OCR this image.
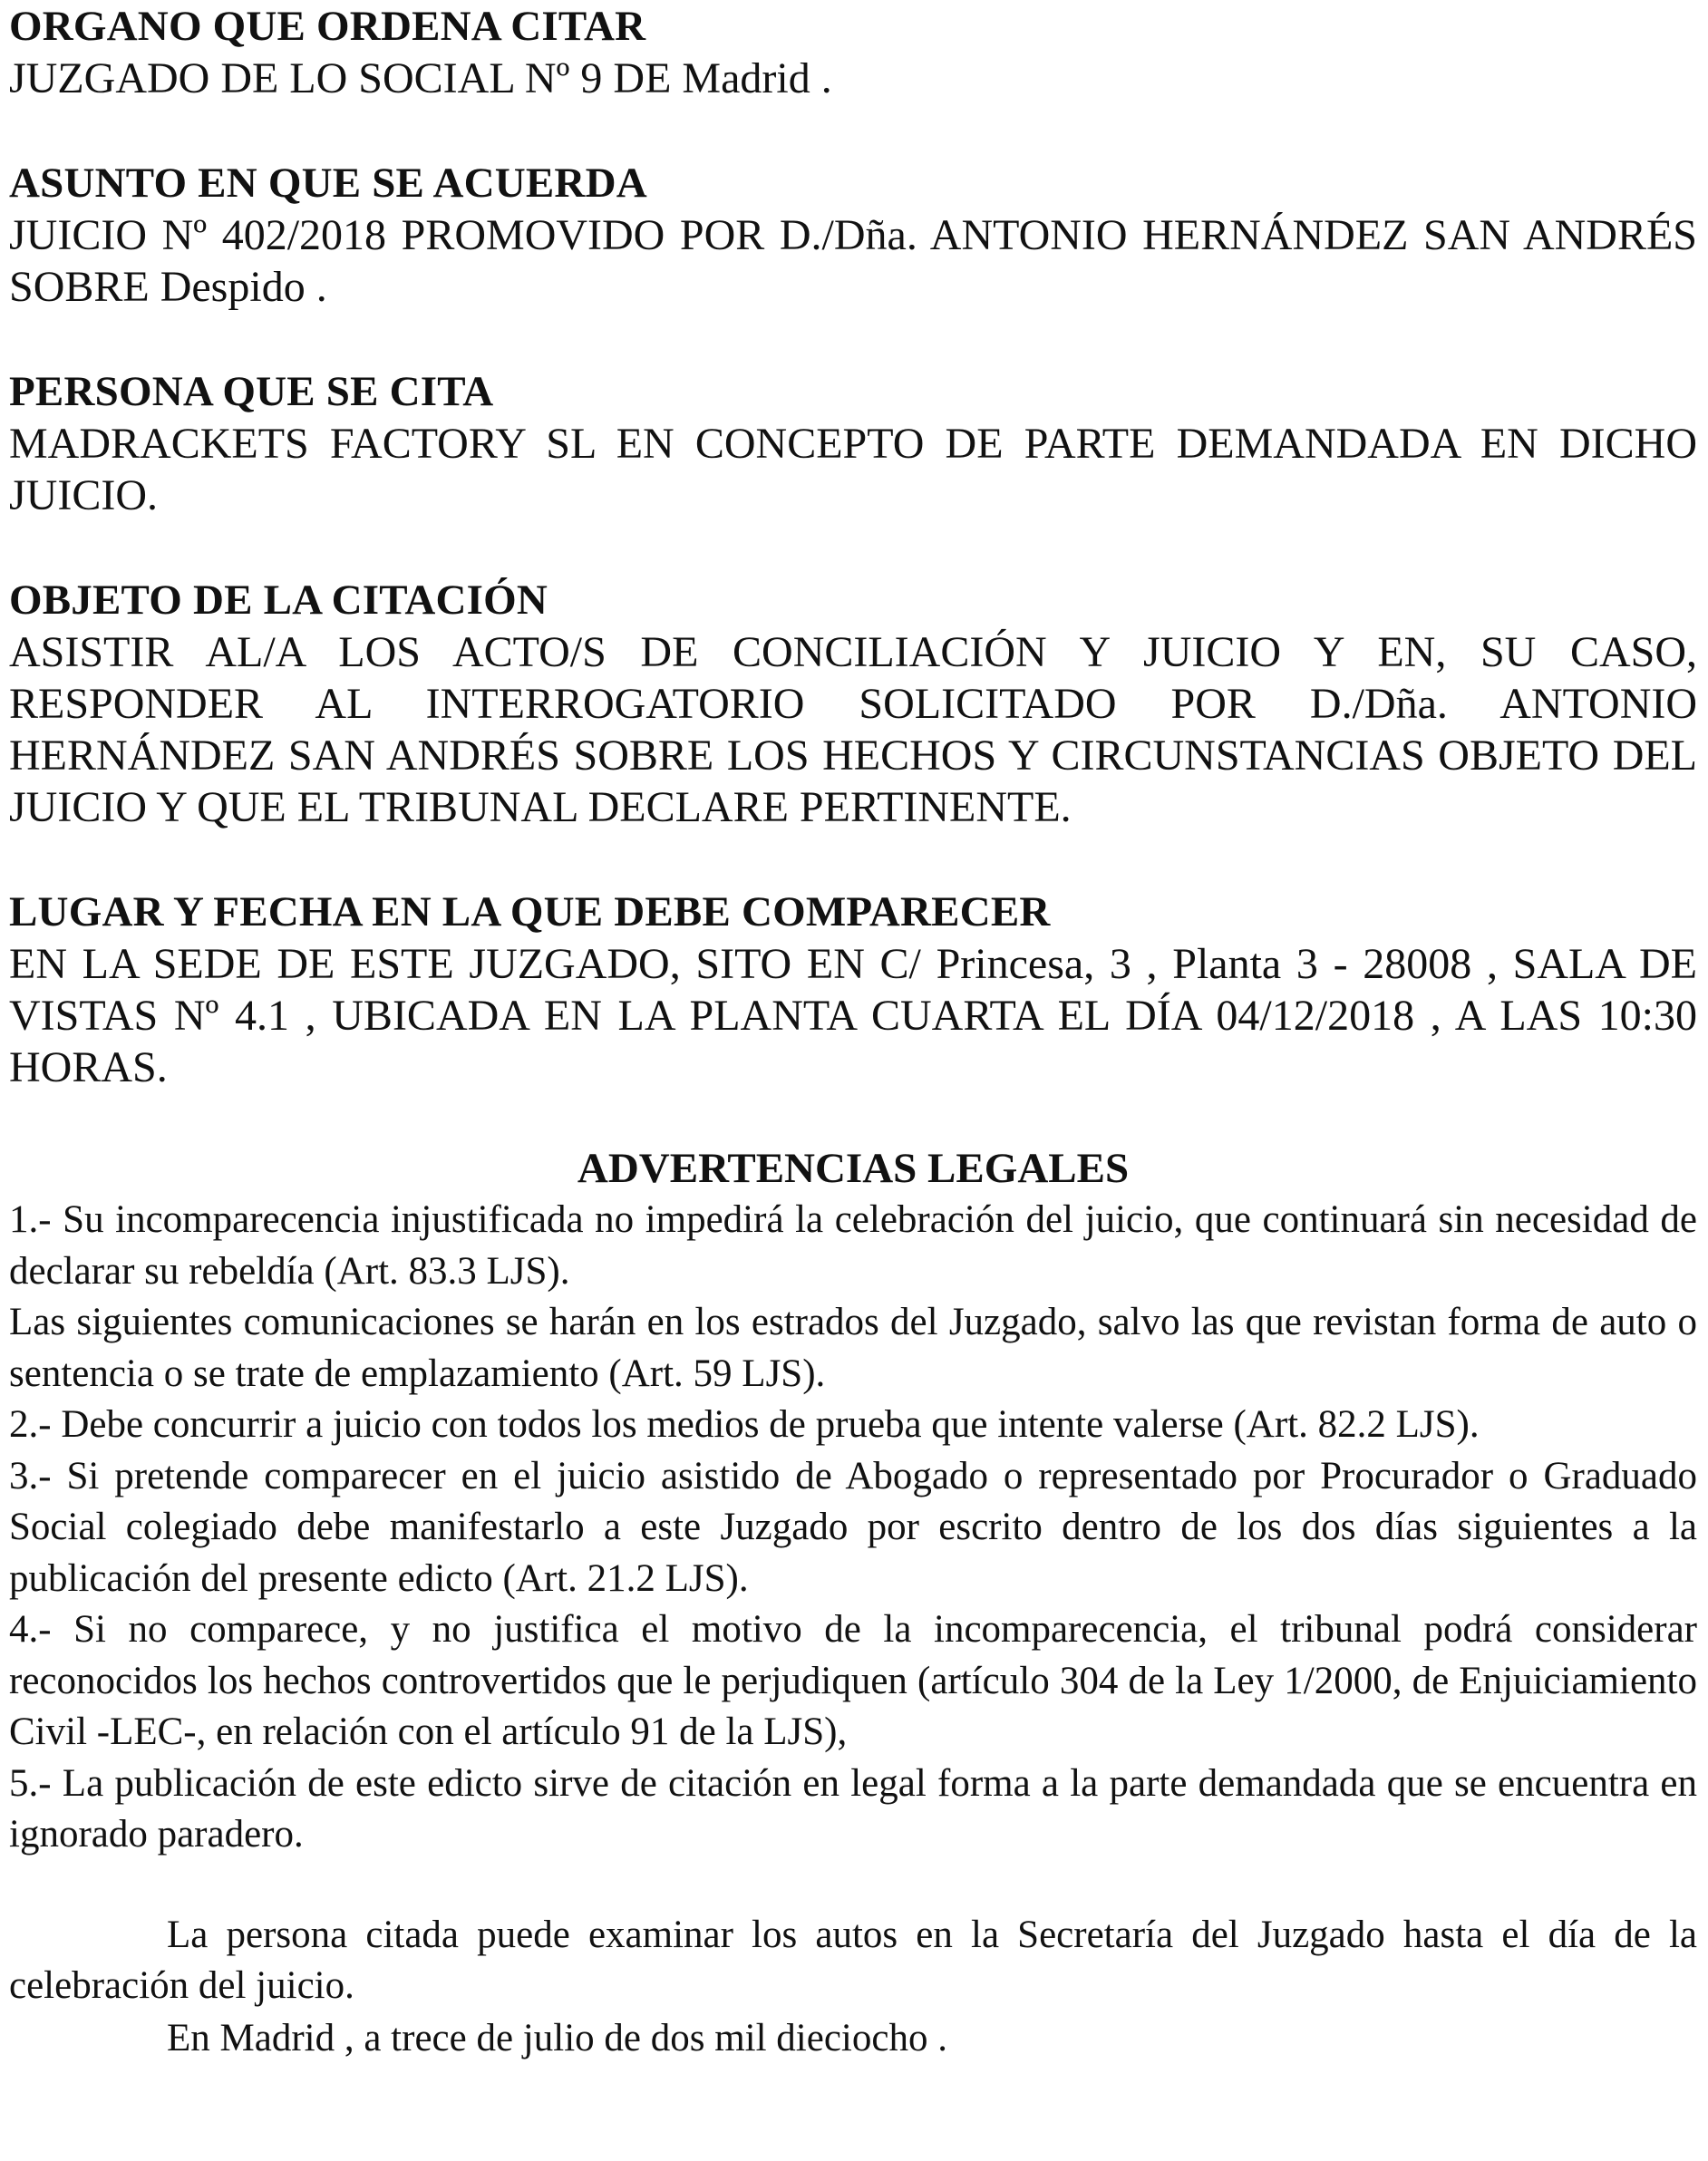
ORGANO QUE ORDENA CITAR

JUZGADO DE LO SOCIAL Nº 9 DE Madrid .

ASUNTO EN QUE SE ACUERDA

JUICIO Nº 402/2018 PROMOVIDO POR D./Dña. ANTONIO HERNÁNDEZ SAN ANDRÉS SOBRE Despido .

PERSONA QUE SE CITA

MADRACKETS FACTORY SL EN CONCEPTO DE PARTE DEMANDADA EN DICHO JUICIO.

OBJETO DE LA CITACIÓN

ASISTIR AL/A LOS ACTO/S DE CONCILIACIÓN Y JUICIO Y EN, SU CASO, RESPONDER AL INTERROGATORIO SOLICITADO POR D./Dña. ANTONIO HERNÁNDEZ SAN ANDRÉS SOBRE LOS HECHOS Y CIRCUNSTANCIAS OBJETO DEL JUICIO Y QUE EL TRIBUNAL DECLARE PERTINENTE.

LUGAR Y FECHA EN LA QUE DEBE COMPARECER

EN LA SEDE DE ESTE JUZGADO, SITO EN C/ Princesa, 3 , Planta 3 - 28008 , SALA DE VISTAS Nº 4.1 , UBICADA EN LA PLANTA CUARTA EL DÍA 04/12/2018 , A LAS 10:30 HORAS.

ADVERTENCIAS LEGALES

1.- Su incomparecencia injustificada no impedirá la celebración del juicio, que continuará sin necesidad de declarar su rebeldía (Art. 83.3 LJS).

Las siguientes comunicaciones se harán en los estrados del Juzgado, salvo las que revistan forma de auto o sentencia o se trate de emplazamiento (Art. 59 LJS).

2.- Debe concurrir a juicio con todos los medios de prueba que intente valerse (Art. 82.2 LJS).

3.- Si pretende comparecer en el juicio asistido de Abogado o representado por Procurador o Graduado Social colegiado debe manifestarlo a este Juzgado por escrito dentro de los dos días siguientes a la publicación del presente edicto (Art. 21.2 LJS).

4.- Si no comparece, y no justifica el motivo de la incomparecencia, el tribunal podrá considerar reconocidos los hechos controvertidos que le perjudiquen (artículo 304 de la Ley 1/2000, de Enjuiciamiento Civil -LEC-, en relación con el artículo 91 de la LJS),

5.- La publicación de este edicto sirve de citación en legal forma a la parte demandada que se encuentra en ignorado paradero.

La persona citada puede examinar los autos en la Secretaría del Juzgado hasta el día de la celebración del juicio.

En Madrid , a trece de julio de dos mil dieciocho .
